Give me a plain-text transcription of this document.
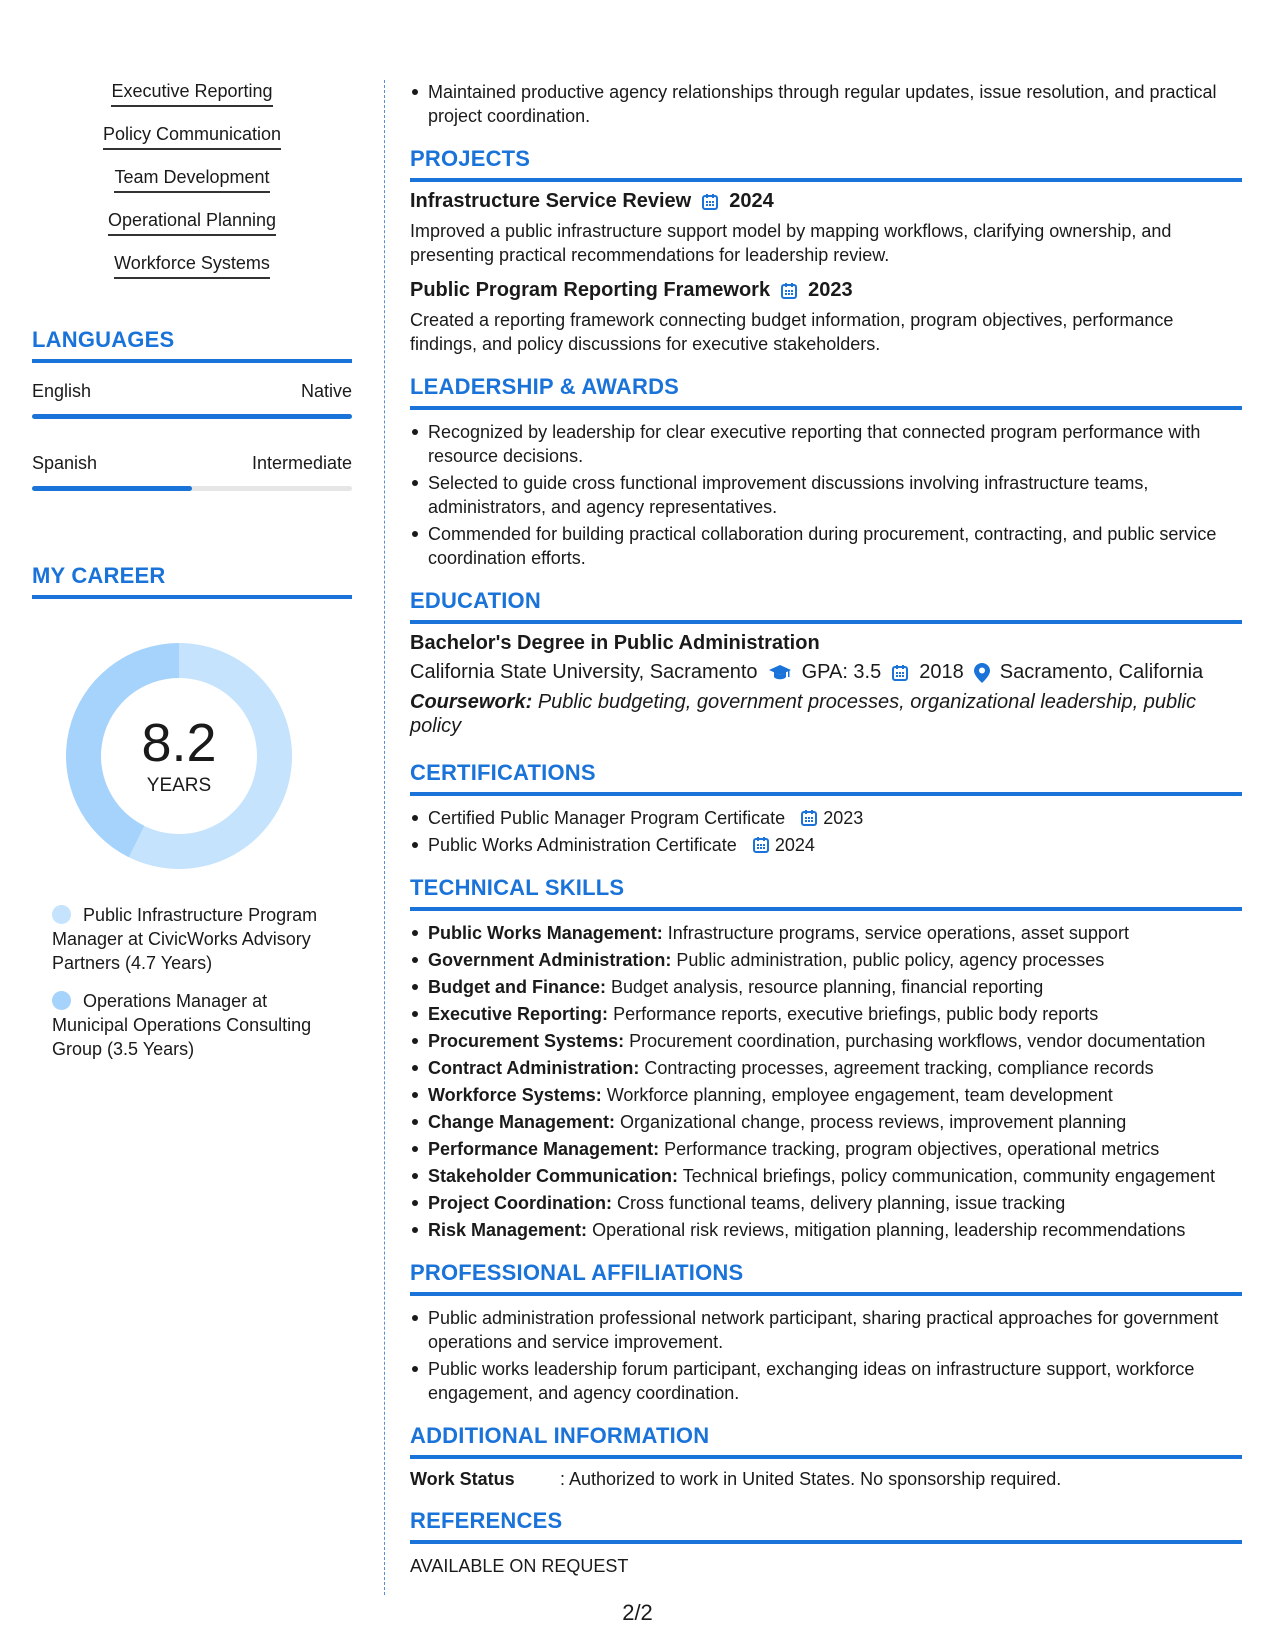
Executive Reporting
Policy Communication
Team Development
Operational Planning
Workforce Systems
LANGUAGES
English	Native
Spanish	Intermediate
MY CAREER
8.2
YEARS
Public Infrastructure Program Manager at CivicWorks Advisory Partners (4.7 Years)
Operations Manager at Municipal Operations Consulting Group (3.5 Years)
Maintained productive agency relationships through regular updates, issue resolution, and practical project coordination.
PROJECTS
Infrastructure Service Review 2024
Improved a public infrastructure support model by mapping workflows, clarifying ownership, and presenting practical recommendations for leadership review.
Public Program Reporting Framework 2023
Created a reporting framework connecting budget information, program objectives, performance findings, and policy discussions for executive stakeholders.
LEADERSHIP & AWARDS
Recognized by leadership for clear executive reporting that connected program performance with resource decisions.
Selected to guide cross functional improvement discussions involving infrastructure teams, administrators, and agency representatives.
Commended for building practical collaboration during procurement, contracting, and public service coordination efforts.
EDUCATION
Bachelor's Degree in Public Administration
California State University, Sacramento GPA: 3.5 2018 Sacramento, California
Coursework: Public budgeting, government processes, organizational leadership, public policy
CERTIFICATIONS
Certified Public Manager Program Certificate 2023
Public Works Administration Certificate 2024
TECHNICAL SKILLS
Public Works Management: Infrastructure programs, service operations, asset support
Government Administration: Public administration, public policy, agency processes
Budget and Finance: Budget analysis, resource planning, financial reporting
Executive Reporting: Performance reports, executive briefings, public body reports
Procurement Systems: Procurement coordination, purchasing workflows, vendor documentation
Contract Administration: Contracting processes, agreement tracking, compliance records
Workforce Systems: Workforce planning, employee engagement, team development
Change Management: Organizational change, process reviews, improvement planning
Performance Management: Performance tracking, program objectives, operational metrics
Stakeholder Communication: Technical briefings, policy communication, community engagement
Project Coordination: Cross functional teams, delivery planning, issue tracking
Risk Management: Operational risk reviews, mitigation planning, leadership recommendations
PROFESSIONAL AFFILIATIONS
Public administration professional network participant, sharing practical approaches for government operations and service improvement.
Public works leadership forum participant, exchanging ideas on infrastructure support, workforce engagement, and agency coordination.
ADDITIONAL INFORMATION
Work Status	: Authorized to work in United States. No sponsorship required.
REFERENCES
AVAILABLE ON REQUEST
2/2
